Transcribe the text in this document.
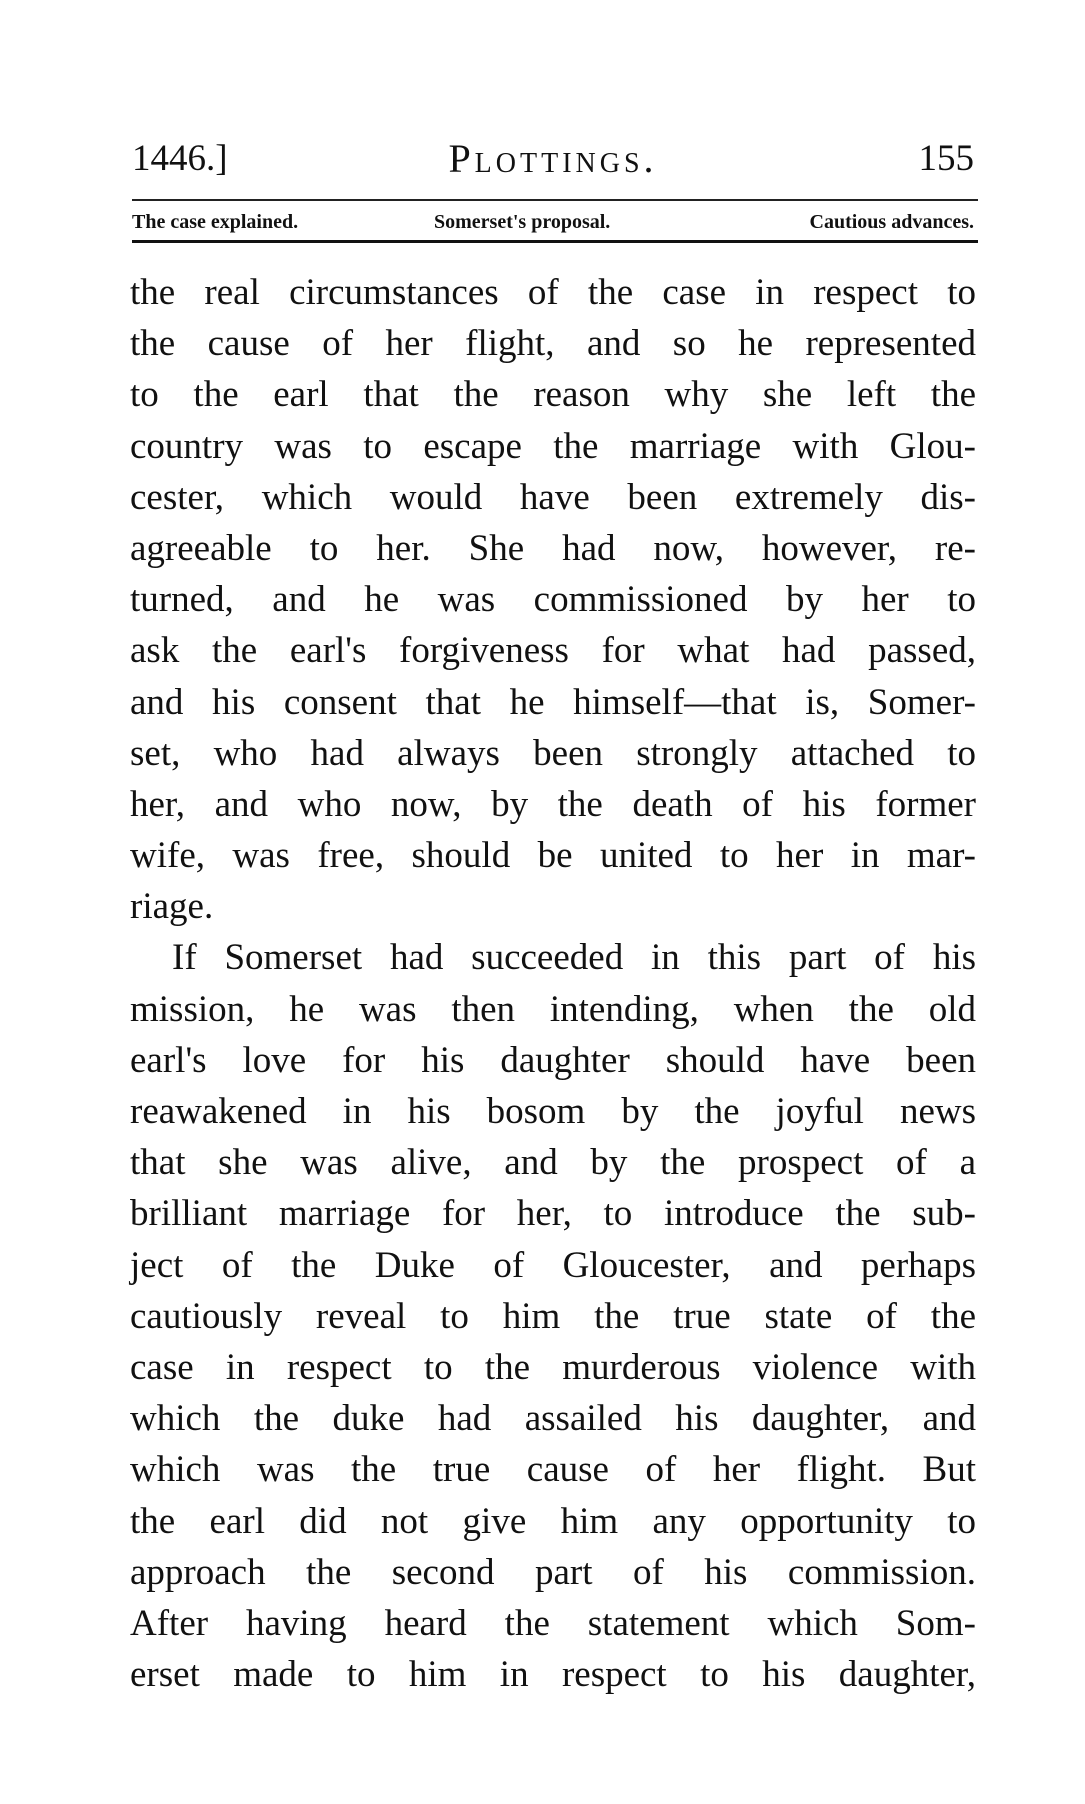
1446.]	Plottings.	155
The case explained.	Somerset's proposal.	Cautious advances.
the real circumstances of the case in respect to
the cause of her flight, and so he represented
to the earl that the reason why she left the
country was to escape the marriage with Glou-
cester, which would have been extremely dis-
agreeable to her. She had now, however, re-
turned, and he was commissioned by her to
ask the earl's forgiveness for what had passed,
and his consent that he himself—that is, Somer-
set, who had always been strongly attached to
her, and who now, by the death of his former
wife, was free, should be united to her in mar-
riage.
If Somerset had succeeded in this part of his
mission, he was then intending, when the old
earl's love for his daughter should have been
reawakened in his bosom by the joyful news
that she was alive, and by the prospect of a
brilliant marriage for her, to introduce the sub-
ject of the Duke of Gloucester, and perhaps
cautiously reveal to him the true state of the
case in respect to the murderous violence with
which the duke had assailed his daughter, and
which was the true cause of her flight. But
the earl did not give him any opportunity to
approach the second part of his commission.
After having heard the statement which Som-
erset made to him in respect to his daughter,
